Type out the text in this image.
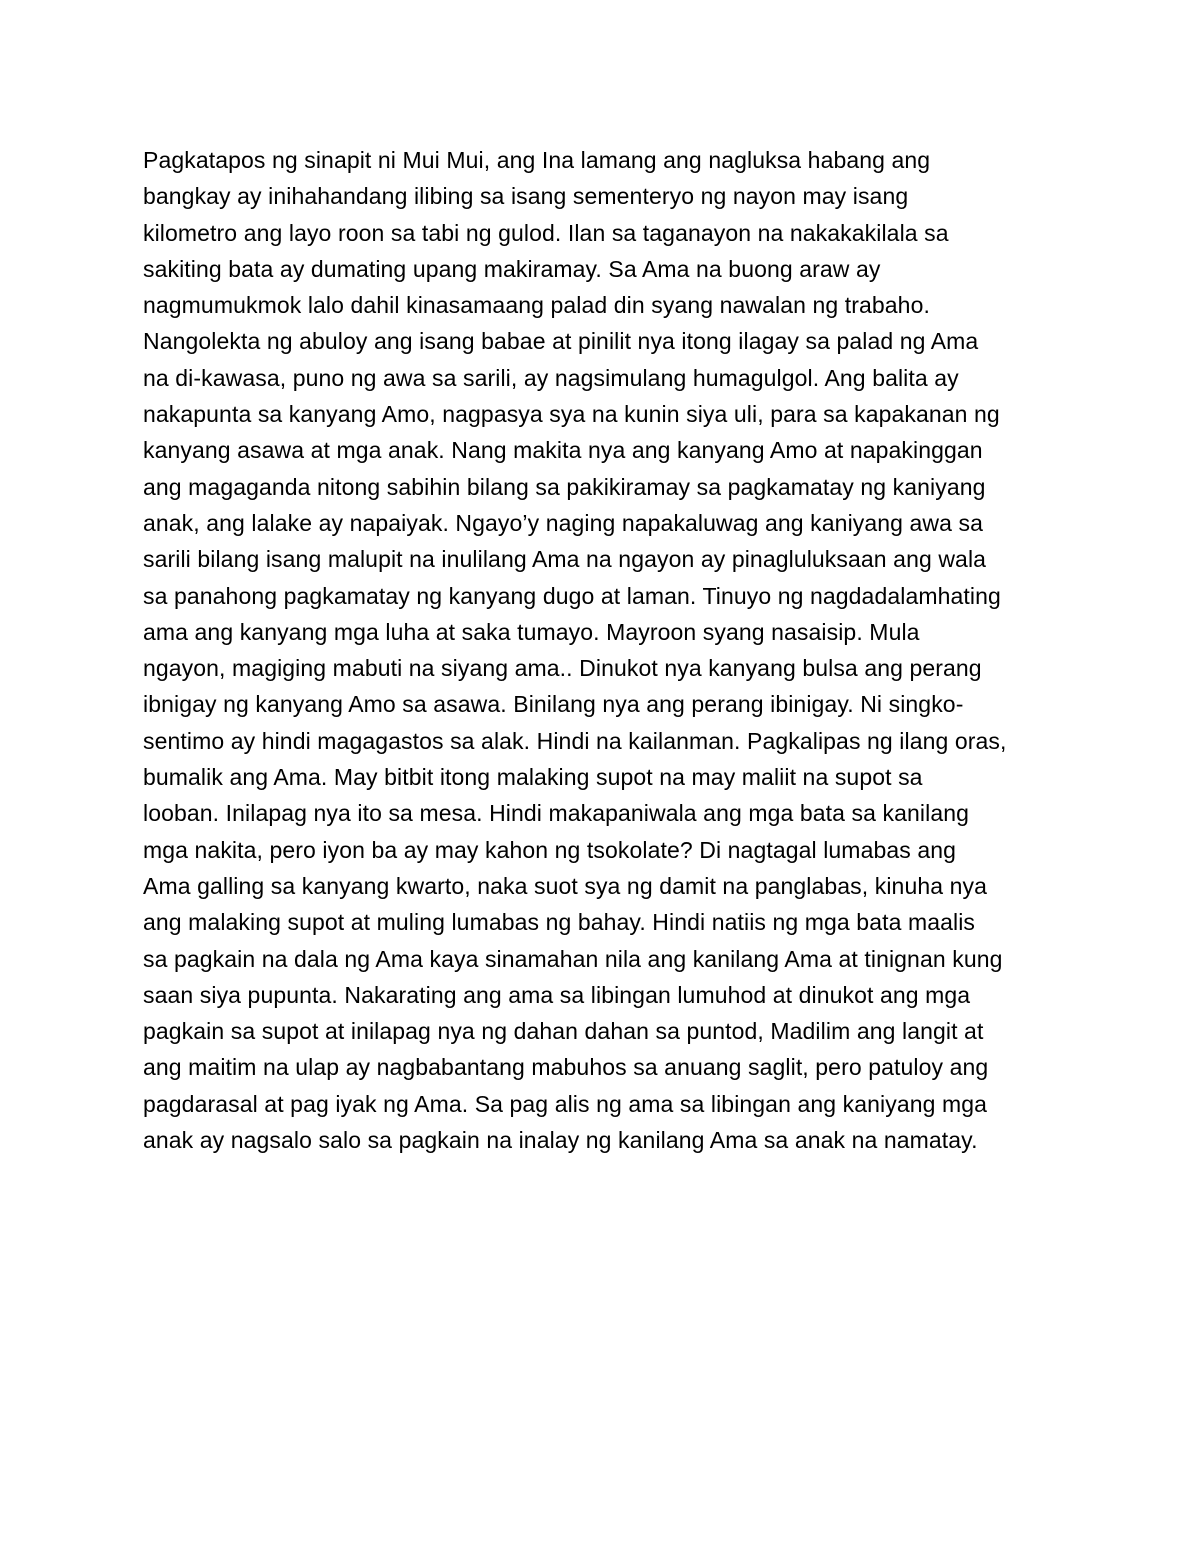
Pagkatapos ng sinapit ni Mui Mui, ang Ina lamang ang nagluksa habang ang
bangkay ay inihahandang ilibing sa isang sementeryo ng nayon may isang
kilometro ang layo roon sa tabi ng gulod. Ilan sa taganayon na nakakakilala sa
sakiting bata ay dumating upang makiramay. Sa Ama na buong araw ay
nagmumukmok lalo dahil kinasamaang palad din syang nawalan ng trabaho.
Nangolekta ng abuloy ang isang babae at pinilit nya itong ilagay sa palad ng Ama
na di-kawasa, puno ng awa sa sarili, ay nagsimulang humagulgol. Ang balita ay
nakapunta sa kanyang Amo, nagpasya sya na kunin siya uli, para sa kapakanan ng
kanyang asawa at mga anak. Nang makita nya ang kanyang Amo at napakinggan
ang magaganda nitong sabihin bilang sa pakikiramay sa pagkamatay ng kaniyang
anak, ang lalake ay napaiyak. Ngayo’y naging napakaluwag ang kaniyang awa sa
sarili bilang isang malupit na inulilang Ama na ngayon ay pinagluluksaan ang wala
sa panahong pagkamatay ng kanyang dugo at laman. Tinuyo ng nagdadalamhating
ama ang kanyang mga luha at saka tumayo. Mayroon syang nasaisip. Mula
ngayon, magiging mabuti na siyang ama.. Dinukot nya kanyang bulsa ang perang
ibnigay ng kanyang Amo sa asawa. Binilang nya ang perang ibinigay. Ni singko-
sentimo ay hindi magagastos sa alak. Hindi na kailanman. Pagkalipas ng ilang oras,
bumalik ang Ama. May bitbit itong malaking supot na may maliit na supot sa
looban. Inilapag nya ito sa mesa. Hindi makapaniwala ang mga bata sa kanilang
mga nakita, pero iyon ba ay may kahon ng tsokolate? Di nagtagal lumabas ang
Ama galling sa kanyang kwarto, naka suot sya ng damit na panglabas, kinuha nya
ang malaking supot at muling lumabas ng bahay. Hindi natiis ng mga bata maalis
sa pagkain na dala ng Ama kaya sinamahan nila ang kanilang Ama at tinignan kung
saan siya pupunta. Nakarating ang ama sa libingan lumuhod at dinukot ang mga
pagkain sa supot at inilapag nya ng dahan dahan sa puntod, Madilim ang langit at
ang maitim na ulap ay nagbabantang mabuhos sa anuang saglit, pero patuloy ang
pagdarasal at pag iyak ng Ama. Sa pag alis ng ama sa libingan ang kaniyang mga
anak ay nagsalo salo sa pagkain na inalay ng kanilang Ama sa anak na namatay.
